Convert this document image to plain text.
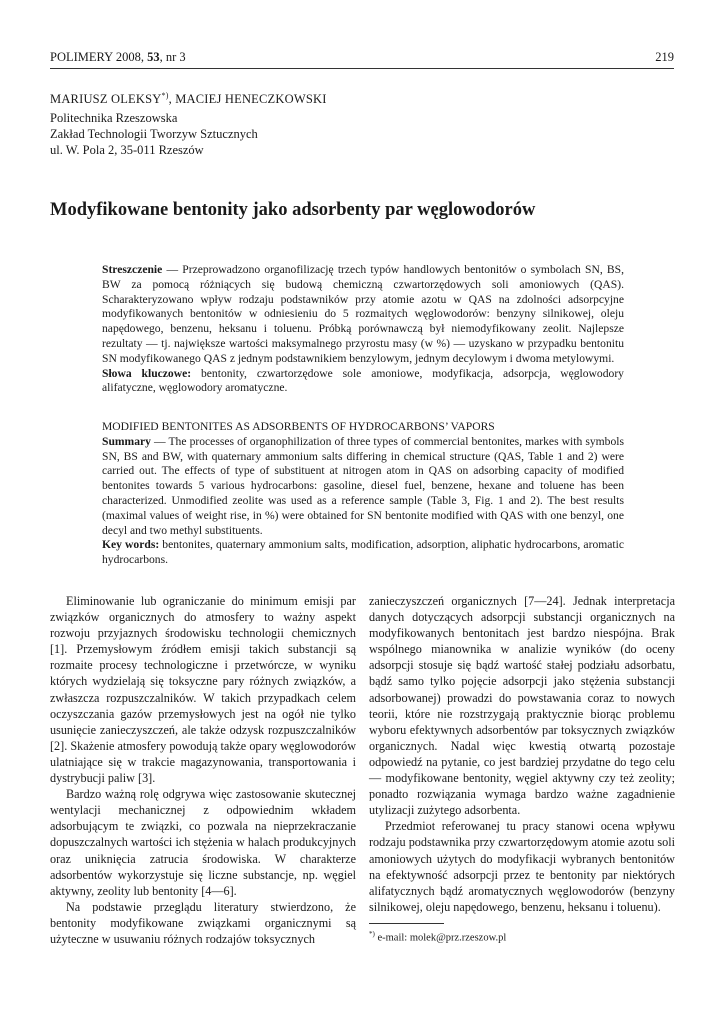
POLIMERY 2008, 53, nr 3	219
MARIUSZ OLEKSY*), MACIEJ HENECZKOWSKI
Politechnika Rzeszowska
Zakład Technologii Tworzyw Sztucznych
ul. W. Pola 2, 35-011 Rzeszów
Modyfikowane bentonity jako adsorbenty par węglowodorów

Streszczenie — Przeprowadzono organofilizację trzech typów handlowych bentonitów o symbolach SN, BS, BW za pomocą różniących się budową chemiczną czwartorzędowych soli amoniowych (QAS). Scharakteryzowano wpływ rodzaju podstawników przy atomie azotu w QAS na zdolności adsorpcyjne modyfikowanych bentonitów w odniesieniu do 5 rozmaitych węglowodorów: benzyny silnikowej, oleju napędowego, benzenu, heksanu i toluenu. Próbką porównawczą był niemodyfikowany zeolit. Najlepsze rezultaty — tj. największe wartości maksymalnego przyrostu masy (w %) — uzyskano w przypadku bentonitu SN modyfikowanego QAS z jednym podstawnikiem benzylowym, jednym decylowym i dwoma metylowymi.

Słowa kluczowe: bentonity, czwartorzędowe sole amoniowe, modyfikacja, adsorpcja, węglowodory alifatyczne, węglowodory aromatyczne.

MODIFIED BENTONITES AS ADSORBENTS OF HYDROCARBONS’ VAPORS

Summary — The processes of organophilization of three types of commercial bentonites, markes with symbols SN, BS and BW, with quaternary ammonium salts differing in chemical structure (QAS, Table 1 and 2) were carried out. The effects of type of substituent at nitrogen atom in QAS on adsorbing capacity of modified bentonites towards 5 various hydrocarbons: gasoline, diesel fuel, benzene, hexane and toluene has been characterized. Unmodified zeolite was used as a reference sample (Table 3, Fig. 1 and 2). The best results (maximal values of weight rise, in %) were obtained for SN bentonite modified with QAS with one benzyl, one decyl and two methyl substituents.

Key words: bentonites, quaternary ammonium salts, modification, adsorption, aliphatic hydrocarbons, aromatic hydrocarbons.

Eliminowanie lub ograniczanie do minimum emisji par związków organicznych do atmosfery to ważny aspekt rozwoju przyjaznych środowisku technologii chemicznych [1]. Przemysłowym źródłem emisji takich substancji są rozmaite procesy technologiczne i przetwórcze, w wyniku których wydzielają się toksyczne pary różnych związków, a zwłaszcza rozpuszczalników. W takich przypadkach celem oczyszczania gazów przemysłowych jest na ogół nie tylko usunięcie zanieczyszczeń, ale także odzysk rozpuszczalników [2]. Skażenie atmosfery powodują także opary węglowodorów ulatniające się w trakcie magazynowania, transportowania i dystrybucji paliw [3].

Bardzo ważną rolę odgrywa więc zastosowanie skutecznej wentylacji mechanicznej z odpowiednim wkładem adsorbującym te związki, co pozwala na nieprzekraczanie dopuszczalnych wartości ich stężenia w halach produkcyjnych oraz uniknięcia zatrucia środowiska. W charakterze adsorbentów wykorzystuje się liczne substancje, np. węgiel aktywny, zeolity lub bentonity [4—6].

Na podstawie przeglądu literatury stwierdzono, że bentonity modyfikowane związkami organicznymi są użyteczne w usuwaniu różnych rodzajów toksycznych

zanieczyszczeń organicznych [7—24]. Jednak interpretacja danych dotyczących adsorpcji substancji organicznych na modyfikowanych bentonitach jest bardzo niespójna. Brak wspólnego mianownika w analizie wyników (do oceny adsorpcji stosuje się bądź wartość stałej podziału adsorbatu, bądź samo tylko pojęcie adsorpcji jako stężenia substancji adsorbowanej) prowadzi do powstawania coraz to nowych teorii, które nie rozstrzygają praktycznie biorąc problemu wyboru efektywnych adsorbentów par toksycznych związków organicznych. Nadal więc kwestią otwartą pozostaje odpowiedź na pytanie, co jest bardziej przydatne do tego celu — modyfikowane bentonity, węgiel aktywny czy też zeolity; ponadto rozwiązania wymaga bardzo ważne zagadnienie utylizacji zużytego adsorbenta.

Przedmiot referowanej tu pracy stanowi ocena wpływu rodzaju podstawnika przy czwartorzędowym atomie azotu soli amoniowych użytych do modyfikacji wybranych bentonitów na efektywność adsorpcji przez te bentonity par niektórych alifatycznych bądź aromatycznych węglowodorów (benzyny silnikowej, oleju napędowego, benzenu, heksanu i toluenu).

*) e-mail: molek@prz.rzeszow.pl
